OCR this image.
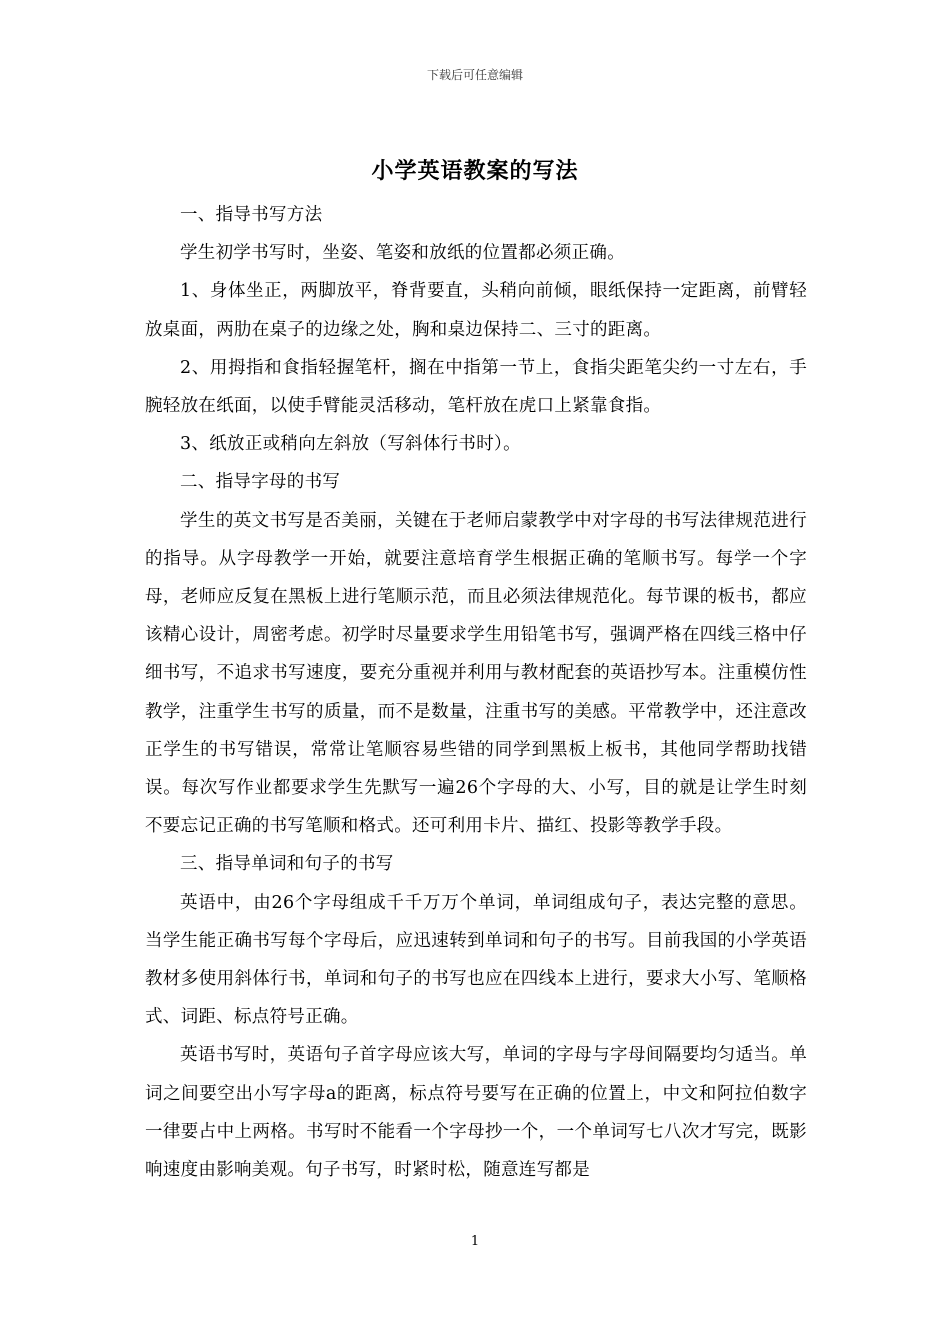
下载后可任意编辑
小学英语教案的写法

一、指导书写方法

学生初学书写时，坐姿、笔姿和放纸的位置都必须正确。

1、身体坐正，两脚放平，脊背要直，头稍向前倾，眼纸保持一定距离，前臂轻放桌面，两肋在桌子的边缘之处，胸和桌边保持二、三寸的距离。

2、用拇指和食指轻握笔杆，搁在中指第一节上，食指尖距笔尖约一寸左右，手腕轻放在纸面，以使手臂能灵活移动，笔杆放在虎口上紧靠食指。

3、纸放正或稍向左斜放（写斜体行书时）。

二、指导字母的书写

学生的英文书写是否美丽，关键在于老师启蒙教学中对字母的书写法律规范进行的指导。从字母教学一开始，就要注意培育学生根据正确的笔顺书写。每学一个字母，老师应反复在黑板上进行笔顺示范，而且必须法律规范化。每节课的板书，都应该精心设计，周密考虑。初学时尽量要求学生用铅笔书写，强调严格在四线三格中仔细书写，不追求书写速度，要充分重视并利用与教材配套的英语抄写本。注重模仿性教学，注重学生书写的质量，而不是数量，注重书写的美感。平常教学中，还注意改正学生的书写错误，常常让笔顺容易些错的同学到黑板上板书，其他同学帮助找错误。每次写作业都要求学生先默写一遍26个字母的大、小写，目的就是让学生时刻不要忘记正确的书写笔顺和格式。还可利用卡片、描红、投影等教学手段。

三、指导单词和句子的书写

英语中，由26个字母组成千千万万个单词，单词组成句子，表达完整的意思。当学生能正确书写每个字母后，应迅速转到单词和句子的书写。目前我国的小学英语教材多使用斜体行书，单词和句子的书写也应在四线本上进行，要求大小写、笔顺格式、词距、标点符号正确。

英语书写时，英语句子首字母应该大写，单词的字母与字母间隔要均匀适当。单词之间要空出小写字母a的距离，标点符号要写在正确的位置上，中文和阿拉伯数字一律要占中上两格。书写时不能看一个字母抄一个，一个单词写七八次才写完，既影响速度由影响美观。句子书写，时紧时松，随意连写都是

1
